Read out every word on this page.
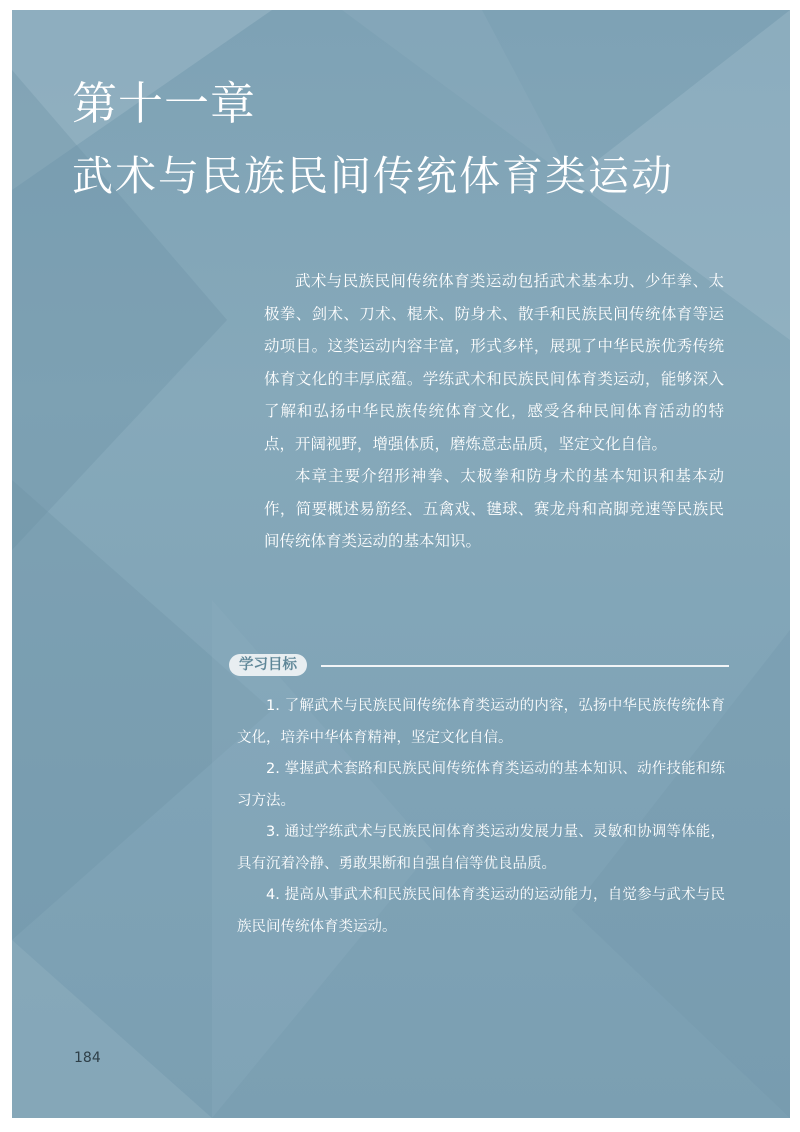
第十一章
武术与民族民间传统体育类运动

武术与民族民间传统体育类运动包括武术基本功、少年拳、太极拳、剑术、刀术、棍术、防身术、散手和民族民间传统体育等运动项目。这类运动内容丰富，形式多样，展现了中华民族优秀传统体育文化的丰厚底蕴。学练武术和民族民间体育类运动，能够深入了解和弘扬中华民族传统体育文化，感受各种民间体育活动的特点，开阔视野，增强体质，磨炼意志品质，坚定文化自信。

本章主要介绍形神拳、太极拳和防身术的基本知识和基本动作，简要概述易筋经、五禽戏、毽球、赛龙舟和高脚竞速等民族民间传统体育类运动的基本知识。

学习目标

1. 了解武术与民族民间传统体育类运动的内容，弘扬中华民族传统体育文化，培养中华体育精神，坚定文化自信。

2. 掌握武术套路和民族民间传统体育类运动的基本知识、动作技能和练习方法。

3. 通过学练武术与民族民间体育类运动发展力量、灵敏和协调等体能，具有沉着冷静、勇敢果断和自强自信等优良品质。

4. 提高从事武术和民族民间体育类运动的运动能力，自觉参与武术与民族民间传统体育类运动。

184
